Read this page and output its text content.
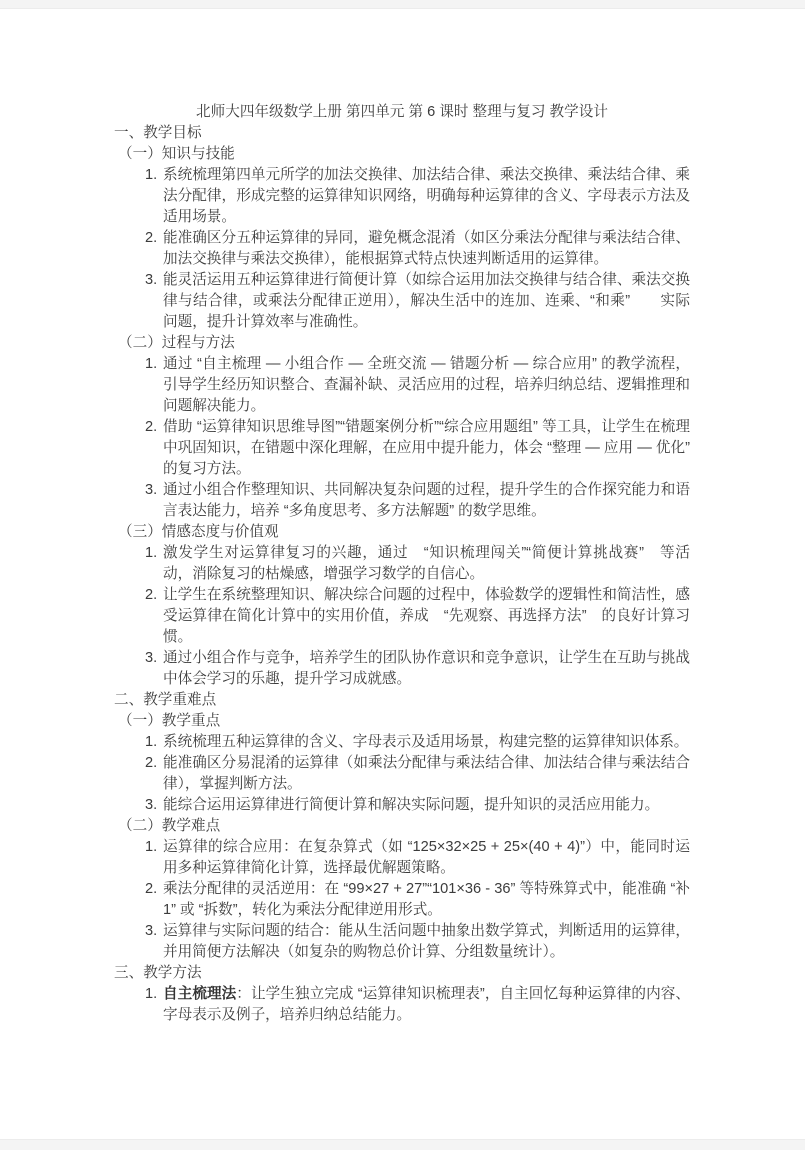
北师大四年级数学上册 第四单元 第 6 课时 整理与复习 教学设计

一、教学目标

（一）知识与技能

1. 系统梳理第四单元所学的加法交换律、加法结合律、乘法交换律、乘法结合律、乘法分配律，形成完整的运算律知识网络，明确每种运算律的含义、字母表示方法及适用场景。

2. 能准确区分五种运算律的异同，避免概念混淆（如区分乘法分配律与乘法结合律、加法交换律与乘法交换律），能根据算式特点快速判断适用的运算律。

3. 能灵活运用五种运算律进行简便计算（如综合运用加法交换律与结合律、乘法交换律与结合律，或乘法分配律正逆用），解决生活中的连加、连乘、“和乘”　　实际问题，提升计算效率与准确性。

（二）过程与方法

1. 通过 “自主梳理 — 小组合作 — 全班交流 — 错题分析 — 综合应用” 的教学流程，引导学生经历知识整合、查漏补缺、灵活应用的过程，培养归纳总结、逻辑推理和问题解决能力。

2. 借助 “运算律知识思维导图”“错题案例分析”“综合应用题组” 等工具，让学生在梳理中巩固知识，在错题中深化理解，在应用中提升能力，体会 “整理 — 应用 — 优化” 的复习方法。

3. 通过小组合作整理知识、共同解决复杂问题的过程，提升学生的合作探究能力和语言表达能力，培养 “多角度思考、多方法解题” 的数学思维。

（三）情感态度与价值观

1. 激发学生对运算律复习的兴趣，通过　“知识梳理闯关”“简便计算挑战赛”　等活动，消除复习的枯燥感，增强学习数学的自信心。

2. 让学生在系统整理知识、解决综合问题的过程中，体验数学的逻辑性和简洁性，感受运算律在简化计算中的实用价值，养成　“先观察、再选择方法”　的良好计算习惯。

3. 通过小组合作与竞争，培养学生的团队协作意识和竞争意识，让学生在互助与挑战中体会学习的乐趣，提升学习成就感。

二、教学重难点

（一）教学重点

1. 系统梳理五种运算律的含义、字母表示及适用场景，构建完整的运算律知识体系。

2. 能准确区分易混淆的运算律（如乘法分配律与乘法结合律、加法结合律与乘法结合律），掌握判断方法。

3. 能综合运用运算律进行简便计算和解决实际问题，提升知识的灵活应用能力。

（二）教学难点

1. 运算律的综合应用：在复杂算式（如 “125×32×25 + 25×(40 + 4)”）中，能同时运用多种运算律简化计算，选择最优解题策略。

2. 乘法分配律的灵活逆用：在 “99×27 + 27”“101×36 - 36” 等特殊算式中，能准确 “补1” 或 “拆数”，转化为乘法分配律逆用形式。

3. 运算律与实际问题的结合：能从生活问题中抽象出数学算式，判断适用的运算律，并用简便方法解决（如复杂的购物总价计算、分组数量统计）。

三、教学方法

1. 自主梳理法：让学生独立完成 “运算律知识梳理表”，自主回忆每种运算律的内容、字母表示及例子，培养归纳总结能力。
